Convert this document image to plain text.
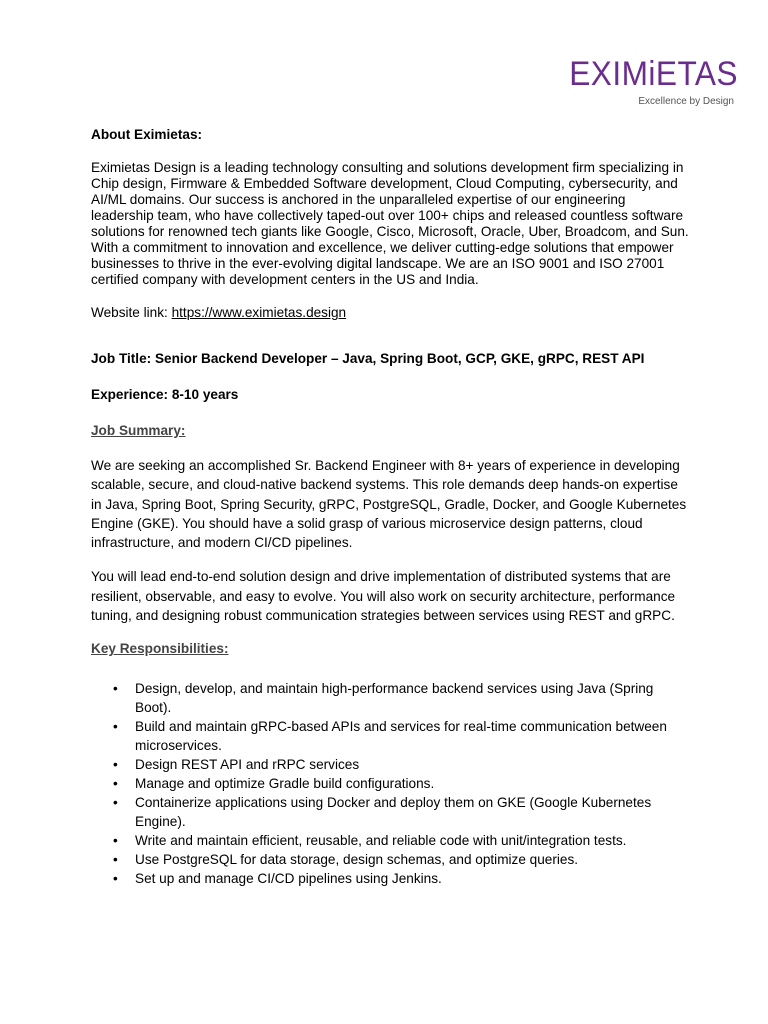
EXIMiETAS
Excellence by Design

About Eximietas:

Eximietas Design is a leading technology consulting and solutions development firm specializing in Chip design, Firmware & Embedded Software development, Cloud Computing, cybersecurity, and AI/ML domains. Our success is anchored in the unparalleled expertise of our engineering leadership team, who have collectively taped-out over 100+ chips and released countless software solutions for renowned tech giants like Google, Cisco, Microsoft, Oracle, Uber, Broadcom, and Sun. With a commitment to innovation and excellence, we deliver cutting-edge solutions that empower businesses to thrive in the ever-evolving digital landscape. We are an ISO 9001 and ISO 27001 certified company with development centers in the US and India.

Website link: https://www.eximietas.design

Job Title: Senior Backend Developer – Java, Spring Boot, GCP, GKE, gRPC, REST API

Experience: 8-10 years

Job Summary:

We are seeking an accomplished Sr. Backend Engineer with 8+ years of experience in developing scalable, secure, and cloud-native backend systems. This role demands deep hands-on expertise in Java, Spring Boot, Spring Security, gRPC, PostgreSQL, Gradle, Docker, and Google Kubernetes Engine (GKE). You should have a solid grasp of various microservice design patterns, cloud infrastructure, and modern CI/CD pipelines.

You will lead end-to-end solution design and drive implementation of distributed systems that are resilient, observable, and easy to evolve. You will also work on security architecture, performance tuning, and designing robust communication strategies between services using REST and gRPC.

Key Responsibilities:

• Design, develop, and maintain high-performance backend services using Java (Spring Boot).
• Build and maintain gRPC-based APIs and services for real-time communication between microservices.
• Design REST API and rRPC services
• Manage and optimize Gradle build configurations.
• Containerize applications using Docker and deploy them on GKE (Google Kubernetes Engine).
• Write and maintain efficient, reusable, and reliable code with unit/integration tests.
• Use PostgreSQL for data storage, design schemas, and optimize queries.
• Set up and manage CI/CD pipelines using Jenkins.
